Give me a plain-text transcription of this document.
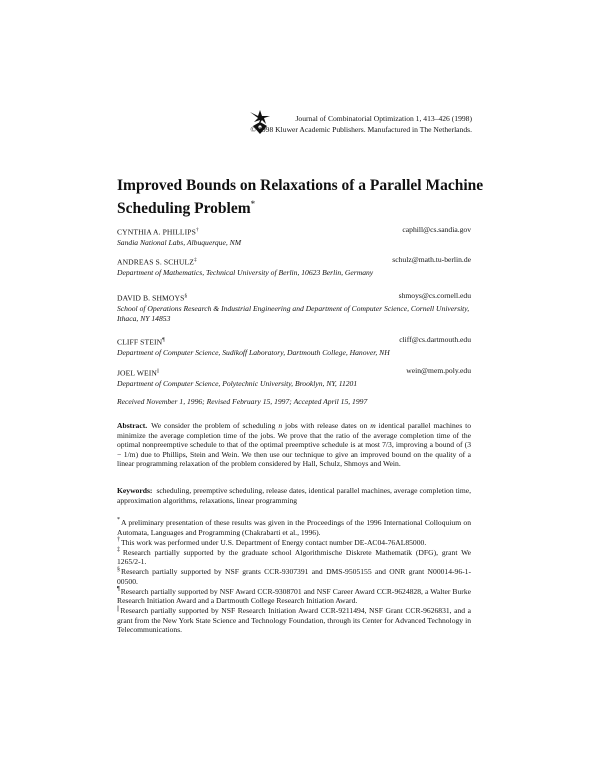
Journal of Combinatorial Optimization 1, 413–426 (1998)
© 1998 Kluwer Academic Publishers. Manufactured in The Netherlands.
Improved Bounds on Relaxations of a Parallel Machine Scheduling Problem*
CYNTHIA A. PHILLIPS†	caphill@cs.sandia.gov
Sandia National Labs, Albuquerque, NM
ANDREAS S. SCHULZ‡	schulz@math.tu-berlin.de
Department of Mathematics, Technical University of Berlin, 10623 Berlin, Germany
DAVID B. SHMOYS§	shmoys@cs.cornell.edu
School of Operations Research & Industrial Engineering and Department of Computer Science, Cornell University, Ithaca, NY 14853
CLIFF STEIN¶	cliff@cs.dartmouth.edu
Department of Computer Science, Sudikoff Laboratory, Dartmouth College, Hanover, NH
JOEL WEIN||	wein@mem.poly.edu
Department of Computer Science, Polytechnic University, Brooklyn, NY, 11201
Received November 1, 1996; Revised February 15, 1997; Accepted April 15, 1997

Abstract. We consider the problem of scheduling n jobs with release dates on m identical parallel machines to minimize the average completion time of the jobs. We prove that the ratio of the average completion time of the optimal nonpreemptive schedule to that of the optimal preemptive schedule is at most 7/3, improving a bound of (3 − 1/m) due to Phillips, Stein and Wein. We then use our technique to give an improved bound on the quality of a linear programming relaxation of the problem considered by Hall, Schulz, Shmoys and Wein.

Keywords: scheduling, preemptive scheduling, release dates, identical parallel machines, average completion time, approximation algorithms, relaxations, linear programming

*A preliminary presentation of these results was given in the Proceedings of the 1996 International Colloquium on Automata, Languages and Programming (Chakrabarti et al., 1996).

†This work was performed under U.S. Department of Energy contact number DE-AC04-76AL85000.

‡Research partially supported by the graduate school Algorithmische Diskrete Mathematik (DFG), grant We 1265/2-1.

§Research partially supported by NSF grants CCR-9307391 and DMS-9505155 and ONR grant N00014-96-1-00500.

¶Research partially supported by NSF Award CCR-9308701 and NSF Career Award CCR-9624828, a Walter Burke Research Initiation Award and a Dartmouth College Research Initiation Award.

||Research partially supported by NSF Research Initiation Award CCR-9211494, NSF Grant CCR-9626831, and a grant from the New York State Science and Technology Foundation, through its Center for Advanced Technology in Telecommunications.
